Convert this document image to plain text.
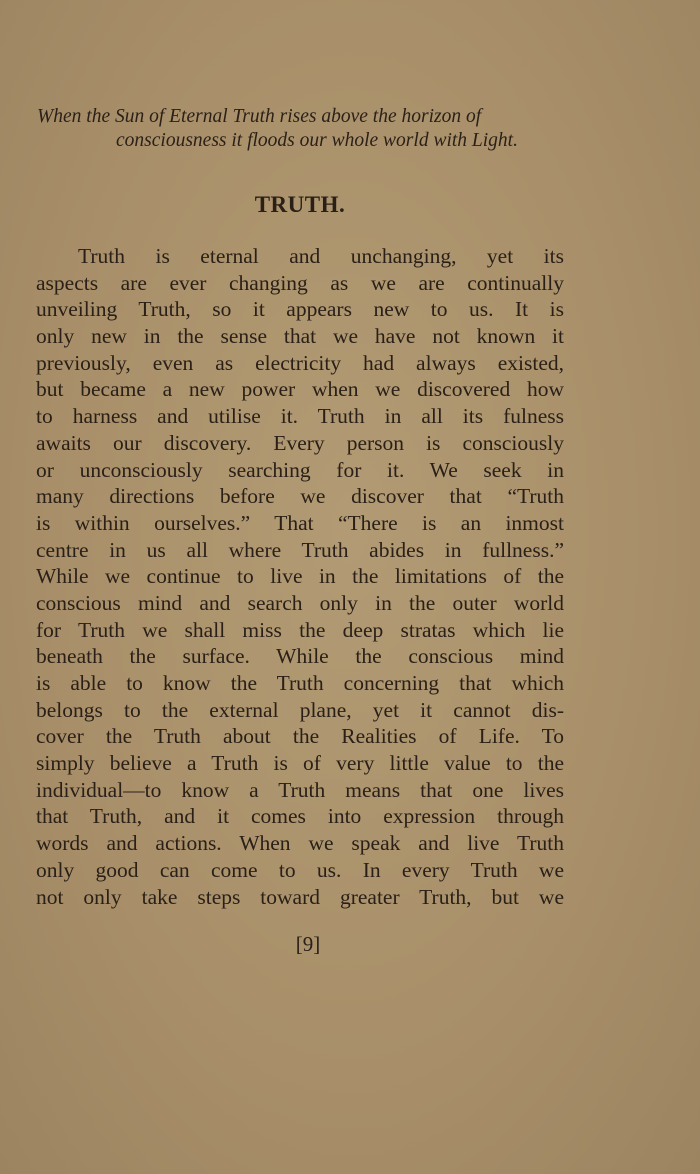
When the Sun of Eternal Truth rises above the horizon of
consciousness it floods our whole world with Light.
TRUTH.
Truth is eternal and unchanging, yet its
aspects are ever changing as we are continually
unveiling Truth, so it appears new to us. It is
only new in the sense that we have not known it
previously, even as electricity had always existed,
but became a new power when we discovered how
to harness and utilise it. Truth in all its fulness
awaits our discovery. Every person is consciously
or unconsciously searching for it. We seek in
many directions before we discover that “Truth
is within ourselves.” That “There is an inmost
centre in us all where Truth abides in fullness.”
While we continue to live in the limitations of the
conscious mind and search only in the outer world
for Truth we shall miss the deep stratas which lie
beneath the surface. While the conscious mind
is able to know the Truth concerning that which
belongs to the external plane, yet it cannot dis-
cover the Truth about the Realities of Life. To
simply believe a Truth is of very little value to the
individual—to know a Truth means that one lives
that Truth, and it comes into expression through
words and actions. When we speak and live Truth
only good can come to us. In every Truth we
not only take steps toward greater Truth, but we
[9]
